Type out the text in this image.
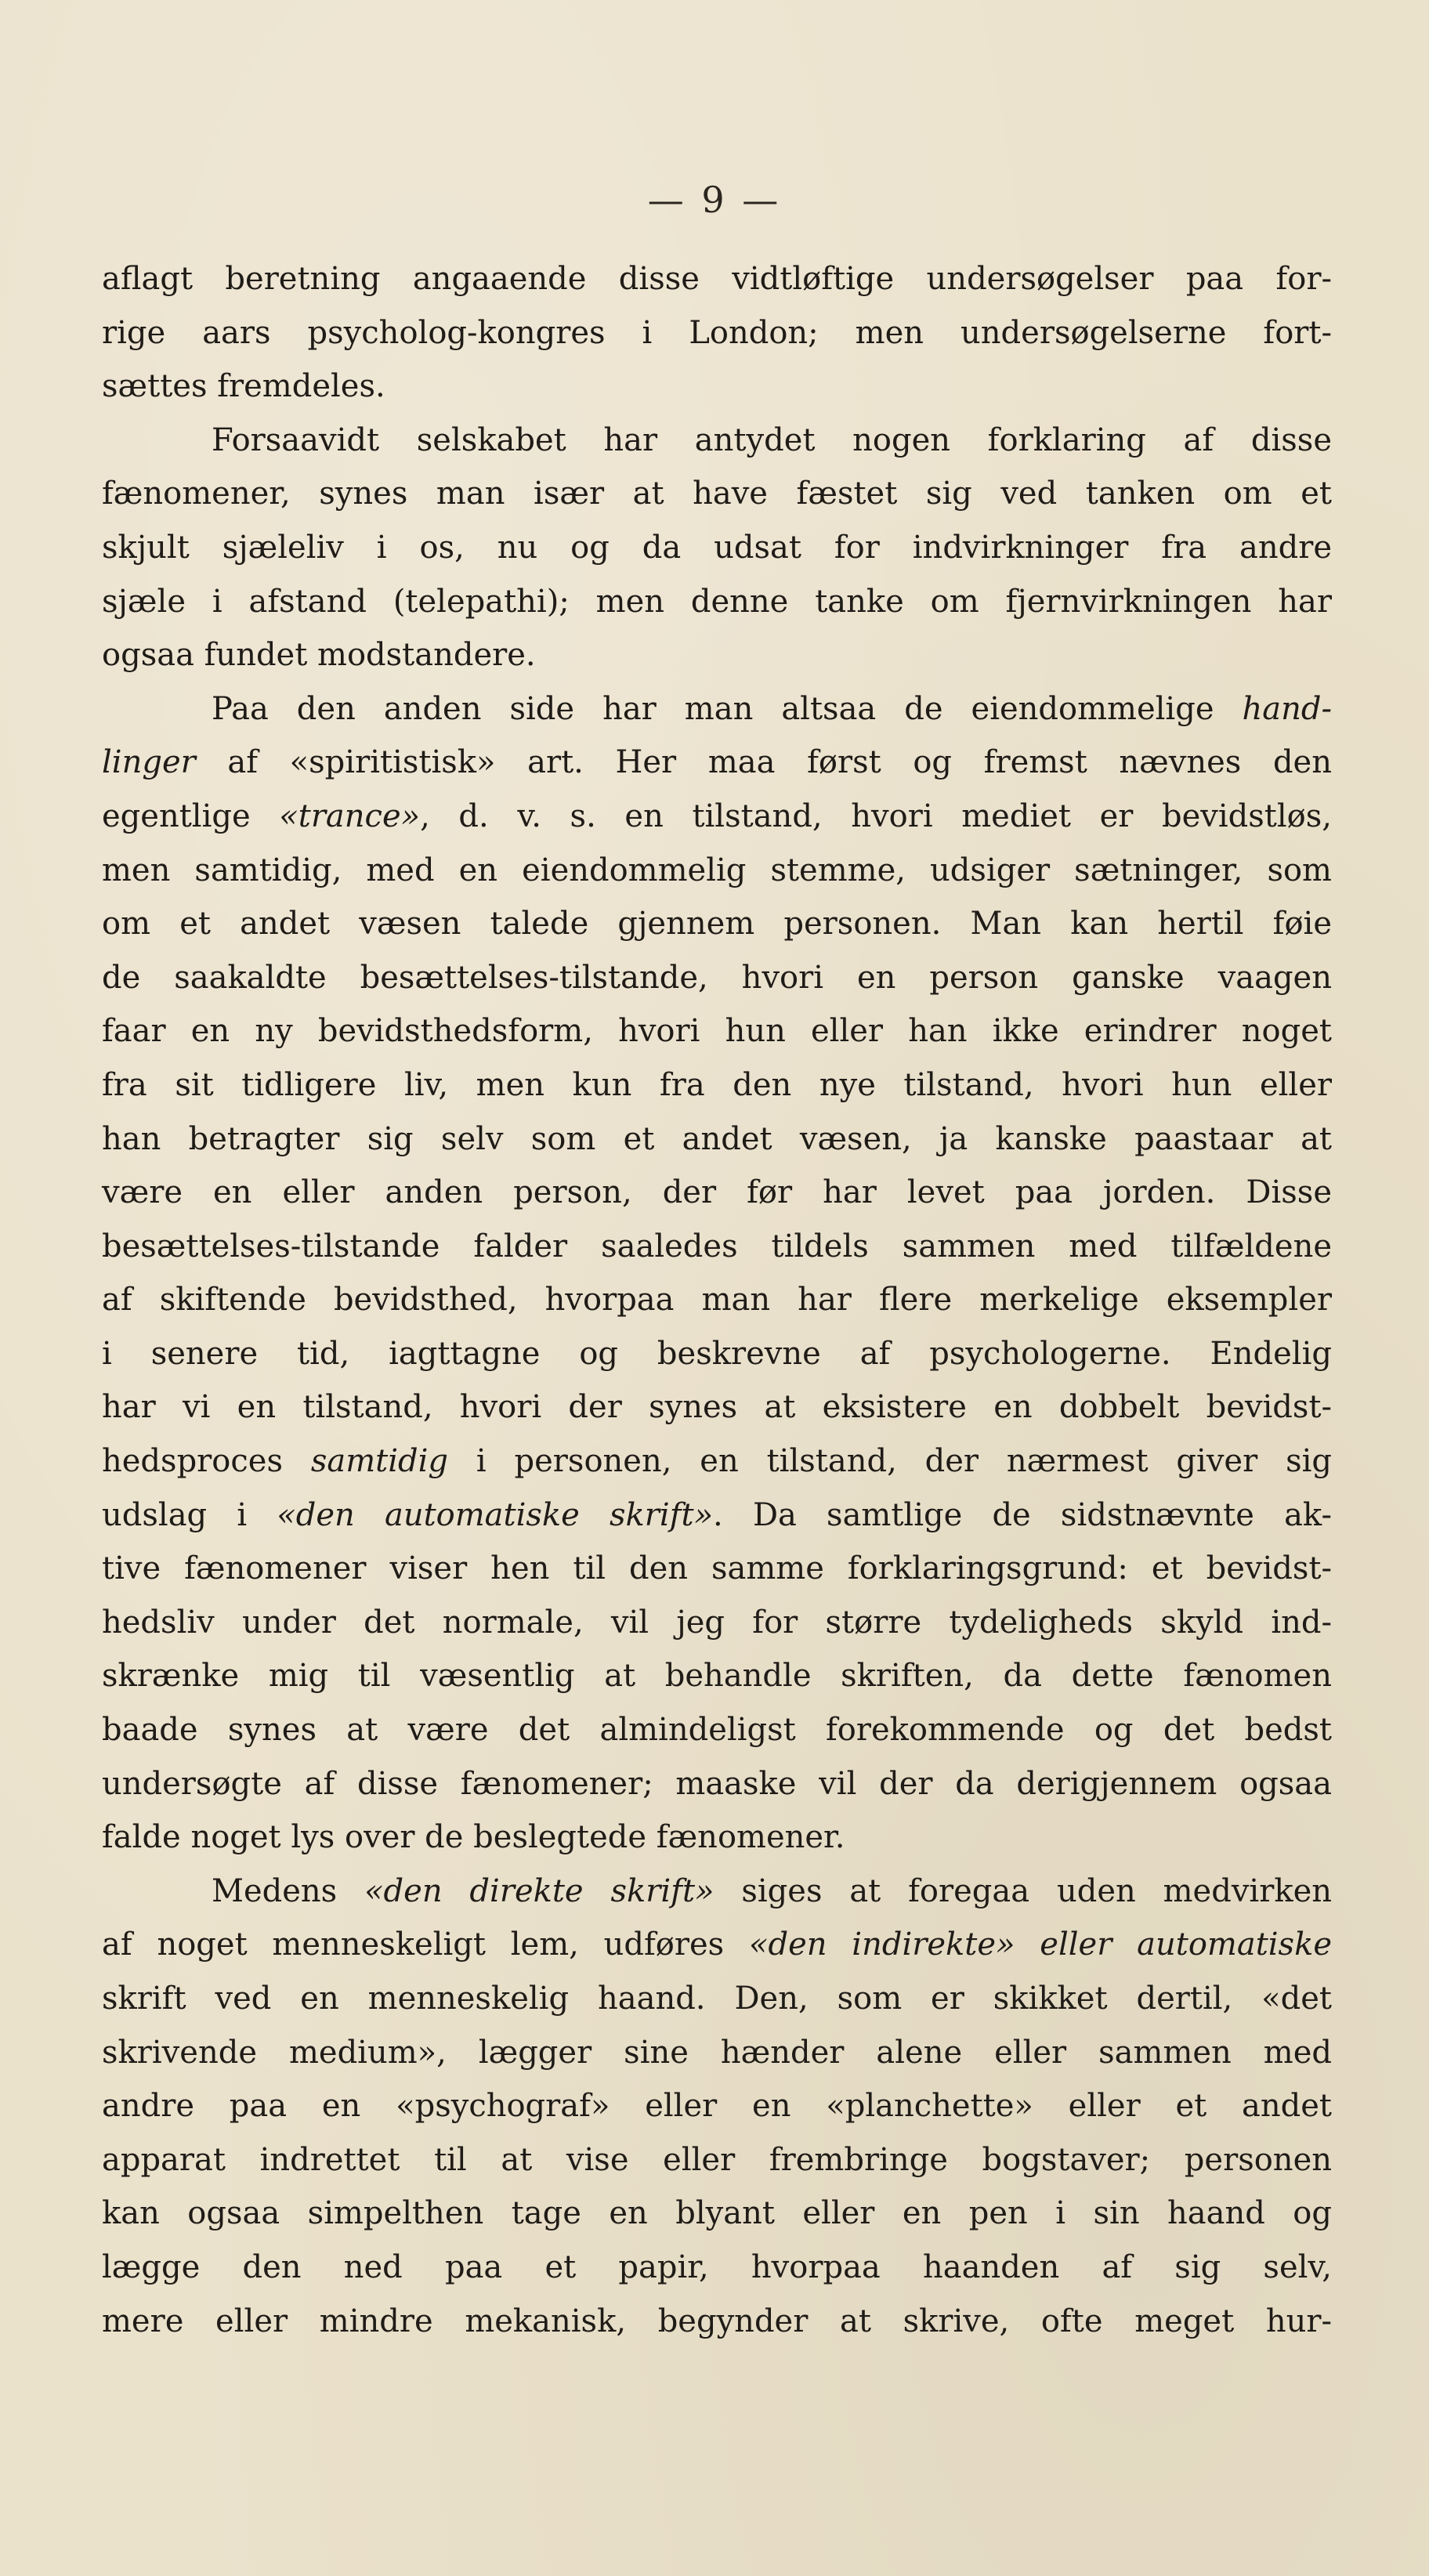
— 9 —
aflagt beretning angaaende disse vidtløftige undersøgelser paa for-
rige aars psycholog-kongres i London; men undersøgelserne fort-
sættes fremdeles.
Forsaavidt selskabet har antydet nogen forklaring af disse
fænomener, synes man især at have fæstet sig ved tanken om et
skjult sjæleliv i os, nu og da udsat for indvirkninger fra andre
sjæle i afstand (telepathi); men denne tanke om fjernvirkningen har
ogsaa fundet modstandere.
Paa den anden side har man altsaa de eiendommelige hand-
linger af «spiritistisk» art. Her maa først og fremst nævnes den
egentlige «trance», d. v. s. en tilstand, hvori mediet er bevidstløs,
men samtidig, med en eiendommelig stemme, udsiger sætninger, som
om et andet væsen talede gjennem personen. Man kan hertil føie
de saakaldte besættelses-tilstande, hvori en person ganske vaagen
faar en ny bevidsthedsform, hvori hun eller han ikke erindrer noget
fra sit tidligere liv, men kun fra den nye tilstand, hvori hun eller
han betragter sig selv som et andet væsen, ja kanske paastaar at
være en eller anden person, der før har levet paa jorden. Disse
besættelses-tilstande falder saaledes tildels sammen med tilfældene
af skiftende bevidsthed, hvorpaa man har flere merkelige eksempler
i senere tid, iagttagne og beskrevne af psychologerne. Endelig
har vi en tilstand, hvori der synes at eksistere en dobbelt bevidst-
hedsproces samtidig i personen, en tilstand, der nærmest giver sig
udslag i «den automatiske skrift». Da samtlige de sidstnævnte ak-
tive fænomener viser hen til den samme forklaringsgrund: et bevidst-
hedsliv under det normale, vil jeg for større tydeligheds skyld ind-
skrænke mig til væsentlig at behandle skriften, da dette fænomen
baade synes at være det almindeligst forekommende og det bedst
undersøgte af disse fænomener; maaske vil der da derigjennem ogsaa
falde noget lys over de beslegtede fænomener.
Medens «den direkte skrift» siges at foregaa uden medvirken
af noget menneskeligt lem, udføres «den indirekte» eller automatiske
skrift ved en menneskelig haand. Den, som er skikket dertil, «det
skrivende medium», lægger sine hænder alene eller sammen med
andre paa en «psychograf» eller en «planchette» eller et andet
apparat indrettet til at vise eller frembringe bogstaver; personen
kan ogsaa simpelthen tage en blyant eller en pen i sin haand og
lægge den ned paa et papir, hvorpaa haanden af sig selv,
mere eller mindre mekanisk, begynder at skrive, ofte meget hur-
